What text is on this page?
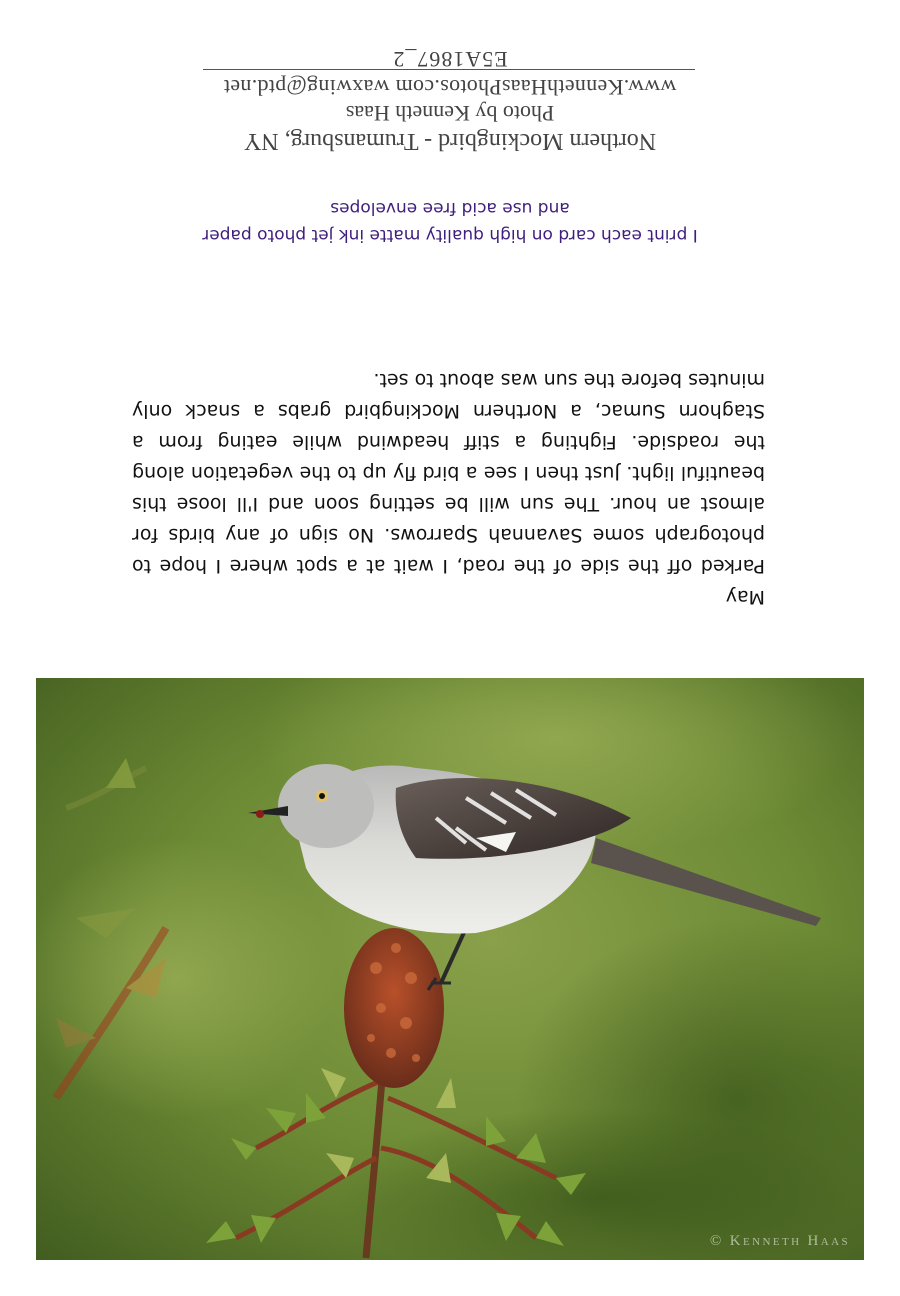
May
Parked off the side of the road, I wait at a spot where I hope to photograph some Savannah Sparrows. No sign of any birds for almost an hour. The sun will be setting soon and I'll loose this beautiful light. Just then I see a bird fly up to the vegetation along the roadside. Fighting a stiff headwind while eating from a Staghorn Sumac, a Northern Mockingbird grabs a snack only minutes before the sun was about to set.
I print each card on high quality matte ink jet photo paper
and use acid free envelopes
Northern Mockingbird - Trumansburg, NY
Photo by Kenneth Haas
www.KennethHaasPhotos.com waxwing@ptd.net
E5A1867_2
© Kenneth Haas
